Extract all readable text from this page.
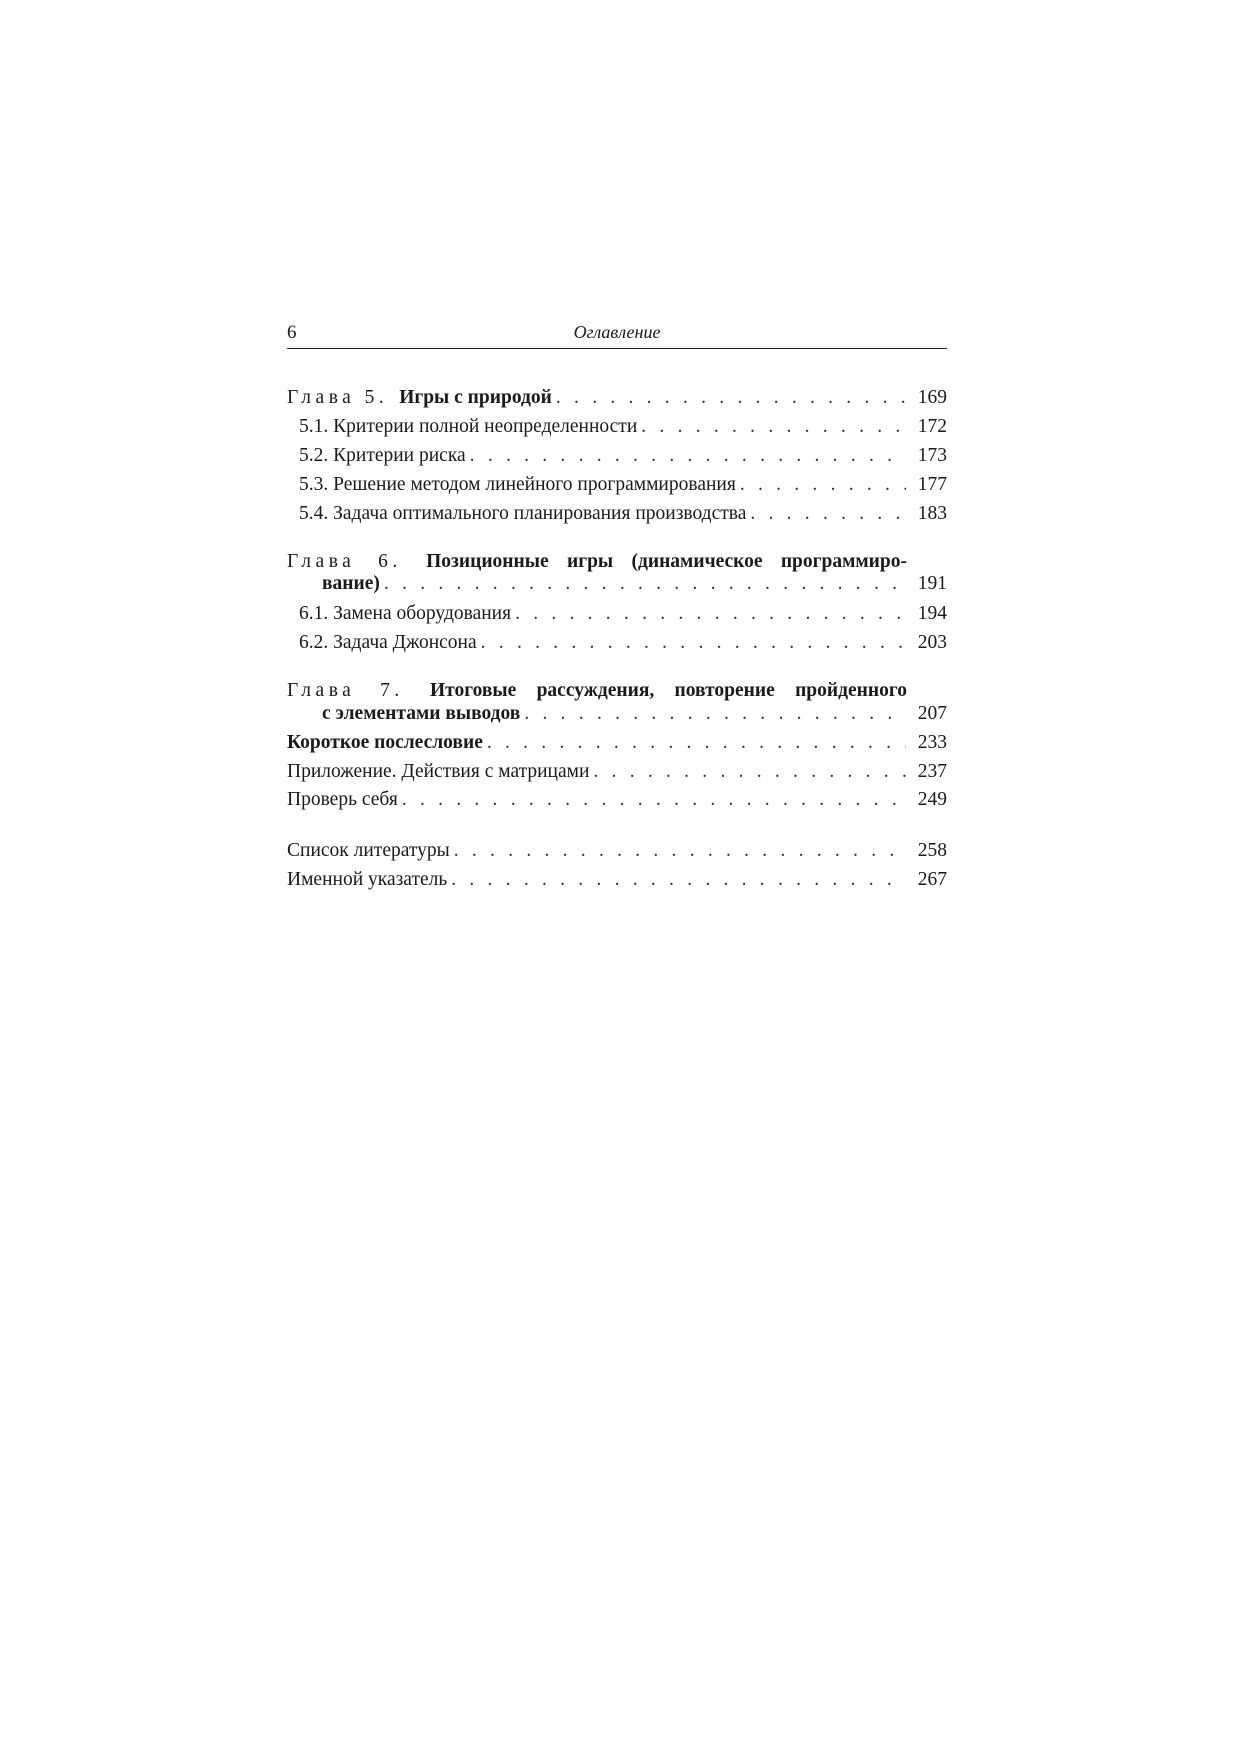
6	Оглавление
Глава 5. Игры с природой . . .	169
5.1. Критерии полной неопределенности . . .	172
5.2. Критерии риска . . .	173
5.3. Решение методом линейного программирования . . .	177
5.4. Задача оптимального планирования производства . . .	183
Глава 6. Позиционные игры (динамическое программиро-
вание) . . .	191
6.1. Замена оборудования . . .	194
6.2. Задача Джонсона . . .	203
Глава 7. Итоговые рассуждения, повторение пройденного
с элементами выводов . . .	207
Короткое послесловие . . .	233
Приложение. Действия с матрицами . . .	237
Проверь себя . . .	249
Список литературы . . .	258
Именной указатель . . .	267
